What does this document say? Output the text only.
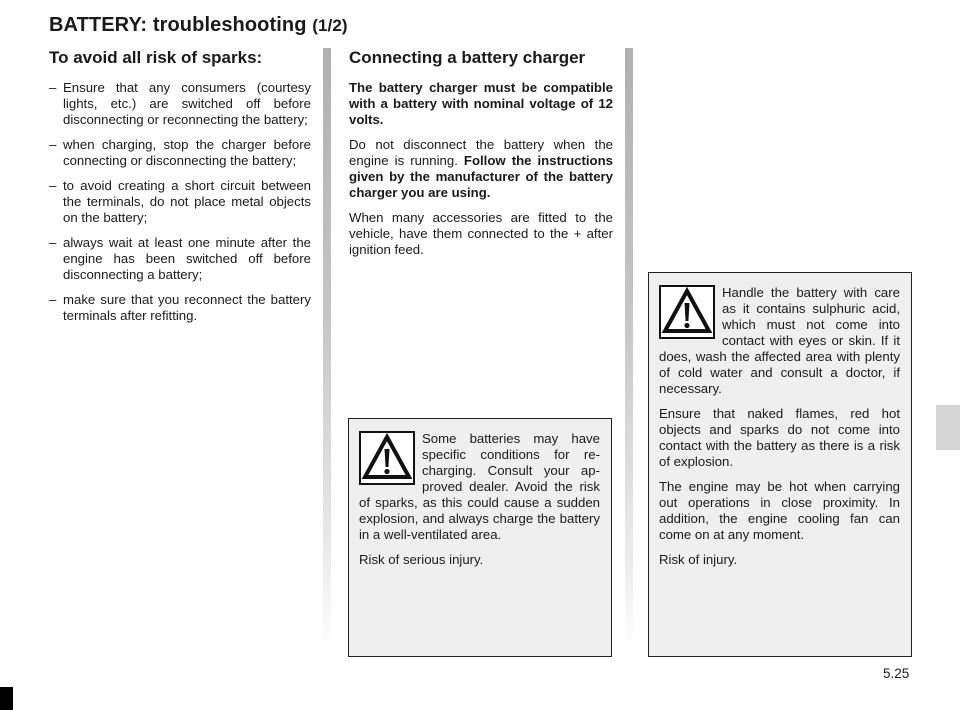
BATTERY: troubleshooting (1/2)
To avoid all risk of sparks:
– Ensure that any consumers (courtesy lights, etc.) are switched off before disconnecting or reconnecting the battery;
– when charging, stop the charger before connecting or disconnecting the battery;
– to avoid creating a short circuit between the terminals, do not place metal objects on the battery;
– always wait at least one minute after the engine has been switched off before disconnecting a battery;
– make sure that you reconnect the battery terminals after refitting.
Connecting a battery charger

The battery charger must be compatible with a battery with nominal voltage of 12 volts.

Do not disconnect the battery when the engine is running. Follow the instructions given by the manufacturer of the battery charger you are using.

When many accessories are fitted to the vehicle, have them connected to the + after ignition feed.

Some batteries may have specific conditions for recharging. Consult your approved dealer. Avoid the risk of sparks, as this could cause a sudden explosion, and always charge the battery in a well-ventilated area.

Risk of serious injury.

Handle the battery with care as it contains sulphuric acid, which must not come into contact with eyes or skin. If it does, wash the affected area with plenty of cold water and consult a doctor, if necessary.

Ensure that naked flames, red hot objects and sparks do not come into contact with the battery as there is a risk of explosion.

The engine may be hot when carrying out operations in close proximity. In addition, the engine cooling fan can come on at any moment.

Risk of injury.

5.25
